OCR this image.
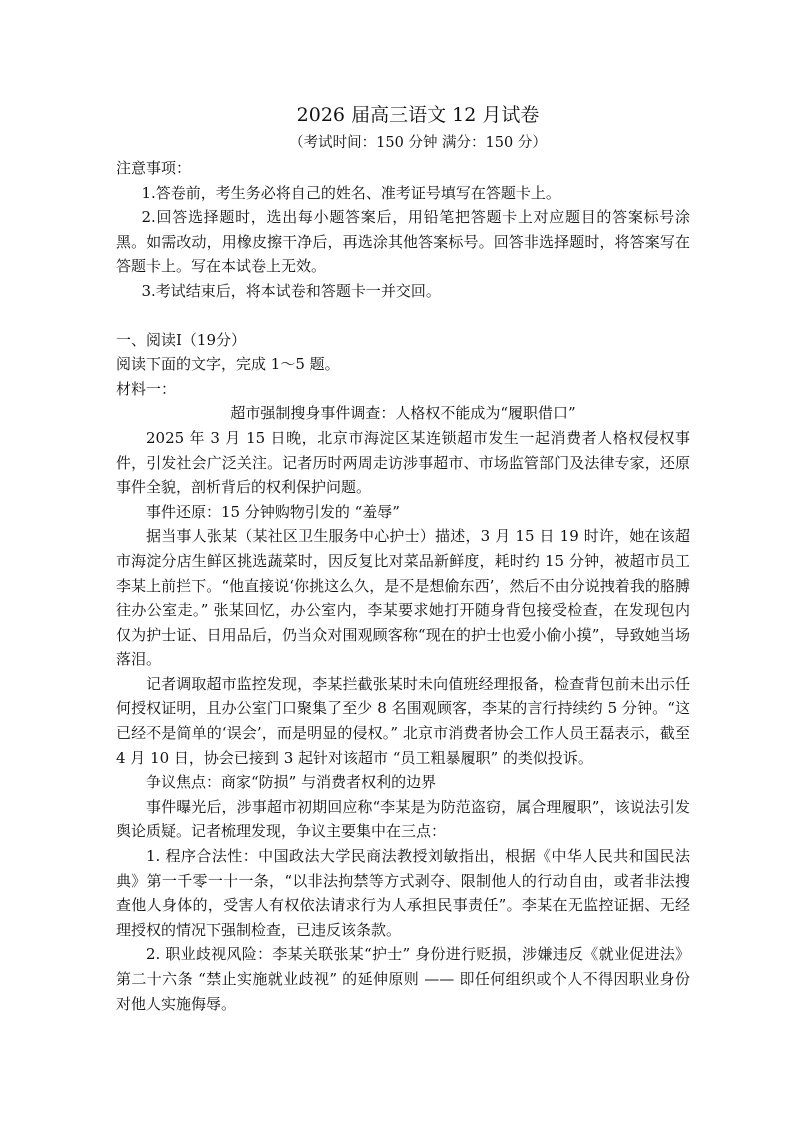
2026 届高三语文 12 月试卷
（考试时间：150 分钟 满分：150 分）

注意事项：

1.答卷前，考生务必将自己的姓名、准考证号填写在答题卡上。

2.回答选择题时，选出每小题答案后，用铅笔把答题卡上对应题目的答案标号涂黑。如需改动，用橡皮擦干净后，再选涂其他答案标号。回答非选择题时，将答案写在答题卡上。写在本试卷上无效。

3.考试结束后，将本试卷和答题卡一并交回。

一、阅读Ⅰ（19分）

阅读下面的文字，完成 1～5 题。

材料一：

超市强制搜身事件调查：人格权不能成为“履职借口”

2025 年 3 月 15 日晚，北京市海淀区某连锁超市发生一起消费者人格权侵权事件，引发社会广泛关注。记者历时两周走访涉事超市、市场监管部门及法律专家，还原事件全貌，剖析背后的权利保护问题。

事件还原：15 分钟购物引发的 “羞辱”

据当事人张某（某社区卫生服务中心护士）描述，3 月 15 日 19 时许，她在该超市海淀分店生鲜区挑选蔬菜时，因反复比对菜品新鲜度，耗时约 15 分钟，被超市员工李某上前拦下。“他直接说‘你挑这么久，是不是想偷东西’，然后不由分说拽着我的胳膊往办公室走。” 张某回忆，办公室内，李某要求她打开随身背包接受检查，在发现包内仅为护士证、日用品后，仍当众对围观顾客称“现在的护士也爱小偷小摸”，导致她当场落泪。

记者调取超市监控发现，李某拦截张某时未向值班经理报备，检查背包前未出示任何授权证明，且办公室门口聚集了至少 8 名围观顾客，李某的言行持续约 5 分钟。“这已经不是简单的‘误会’，而是明显的侵权。” 北京市消费者协会工作人员王磊表示，截至 4 月 10 日，协会已接到 3 起针对该超市 “员工粗暴履职” 的类似投诉。

争议焦点：商家“防损” 与消费者权利的边界

事件曝光后，涉事超市初期回应称“李某是为防范盗窃，属合理履职”，该说法引发舆论质疑。记者梳理发现，争议主要集中在三点：

1. 程序合法性：中国政法大学民商法教授刘敏指出，根据《中华人民共和国民法典》第一千零一十一条，“以非法拘禁等方式剥夺、限制他人的行动自由，或者非法搜查他人身体的，受害人有权依法请求行为人承担民事责任”。李某在无监控证据、无经理授权的情况下强制检查，已违反该条款。

2. 职业歧视风险：李某关联张某“护士” 身份进行贬损，涉嫌违反《就业促进法》第二十六条 “禁止实施就业歧视” 的延伸原则 —— 即任何组织或个人不得因职业身份对他人实施侮辱。
